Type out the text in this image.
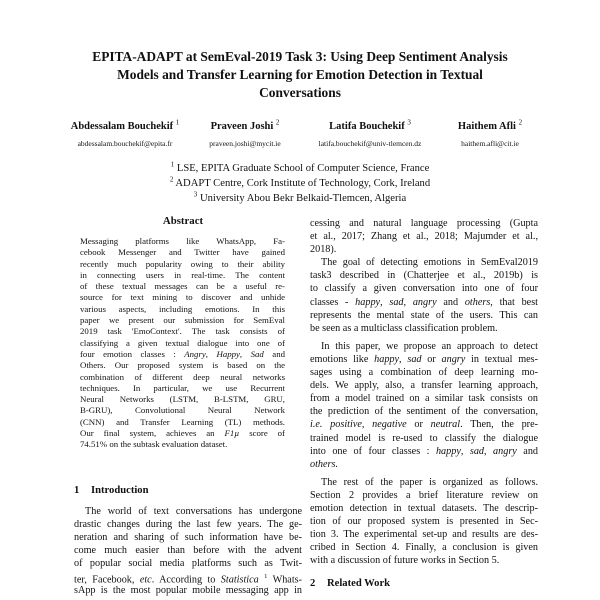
EPITA-ADAPT at SemEval-2019 Task 3: Using Deep Sentiment Analysis
Models and Transfer Learning for Emotion Detection in Textual
Conversations
Abdessalam Bouchekif $^1$
abdessalam.bouchekif@epita.fr
Praveen Joshi $^2$
praveen.joshi@mycit.ie
Latifa Bouchekif $^3$
latifa.bouchekif@univ-tlemcen.dz
Haithem Afli $^2$
haithem.afli@cit.ie
$^1$ LSE, EPITA Graduate School of Computer Science, France
$^2$ ADAPT Centre, Cork Institute of Technology, Cork, Ireland
$^3$ University Abou Bekr Belkaid-Tlemcen, Algeria
Abstract
Messaging platforms like WhatsApp, Fa-
cebook Messenger and Twitter have gained
recently much popularity owing to their ability
in connecting users in real-time. The content
of these textual messages can be a useful re-
source for text mining to discover and unhide
various aspects, including emotions. In this
paper we present our submission for SemEval
2019 task 'EmoContext'. The task consists of
classifying a given textual dialogue into one of
four emotion classes : Angry, Happy, Sad and
Others. Our proposed system is based on the
combination of different deep neural networks
techniques. In particular, we use Recurrent
Neural Networks (LSTM, B-LSTM, GRU,
B-GRU), Convolutional Neural Network
(CNN) and Transfer Learning (TL) methods.
Our final system, achieves an F1µ score of
74.51% on the subtask evaluation dataset.
1 Introduction
The world of text conversations has undergone
drastic changes during the last few years. The ge-
neration and sharing of such information have be-
come much easier than before with the advent
of popular social media platforms such as Twit-
ter, Facebook, etc. According to Statistica $^1$ Whats-
sApp is the most popular mobile messaging app in
cessing and natural language processing (Gupta
et al., 2017; Zhang et al., 2018; Majumder et al.,
2018).
The goal of detecting emotions in SemEval2019
task3 described in (Chatterjee et al., 2019b) is
to classify a given conversation into one of four
classes - happy, sad, angry and others, that best
represents the mental state of the users. This can
be seen as a multiclass classification problem.
In this paper, we propose an approach to detect
emotions like happy, sad or angry in textual mes-
sages using a combination of deep learning mo-
dels. We apply, also, a transfer learning approach,
from a model trained on a similar task consists on
the prediction of the sentiment of the conversation,
i.e. positive, negative or neutral. Then, the pre-
trained model is re-used to classify the dialogue
into one of four classes : happy, sad, angry and
others.
The rest of the paper is organized as follows.
Section 2 provides a brief literature review on
emotion detection in textual datasets. The descrip-
tion of our proposed system is presented in Sec-
tion 3. The experimental set-up and results are des-
cribed in Section 4. Finally, a conclusion is given
with a discussion of future works in Section 5.
2 Related Work
